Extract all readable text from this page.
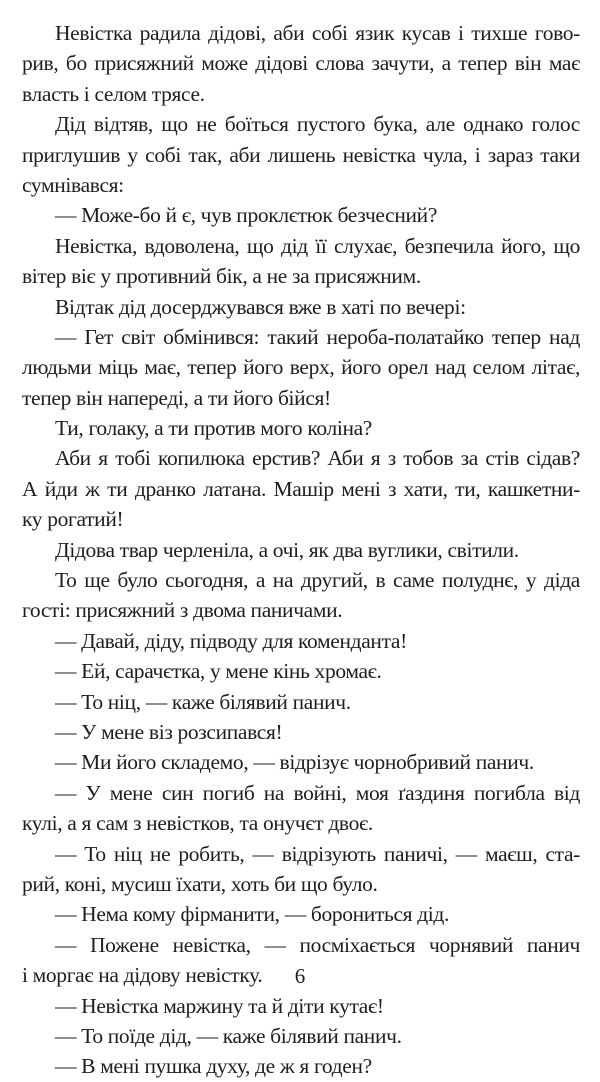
Невістка радила дідові, аби собі язик кусав і тихше гово-
рив, бо присяжний може дідові слова зачути, а тепер він має
власть і селом трясе.
Дід відтяв, що не боїться пустого бука, але однако голос
приглушив у собі так, аби лишень невістка чула, і зараз таки
сумнівався:
— Може-бо й є, чув проклєтюк безчесний?
Невістка, вдоволена, що дід її слухає, безпечила його, що
вітер віє у противний бік, а не за присяжним.
Відтак дід досерджувався вже в хаті по вечері:
— Гет світ обмінився: такий нероба-полатайко тепер над
людьми міць має, тепер його верх, його орел над селом літає,
тепер він напереді, а ти його бійся!
Ти, голаку, а ти против мого коліна?
Аби я тобі копилюка ерстив? Аби я з тобов за стів сідав?
А йди ж ти дранко латана. Машір мені з хати, ти, кашкетни-
ку рогатий!
Дідова твар черленіла, а очі, як два вуглики, світили.
То ще було сьогодня, а на другий, в саме полуднє, у діда
гості: присяжний з двома паничами.
— Давай, діду, підводу для коменданта!
— Ей, сарачєтка, у мене кінь хромає.
— То ніц, — каже білявий панич.
— У мене віз розсипався!
— Ми його складемо, — відрізує чорнобривий панич.
— У мене син погиб на войні, моя ґаздиня погибла від
кулі, а я сам з невістков, та онучєт двоє.
— То ніц не робить, — відрізують паничі, — маєш, ста-
рий, коні, мусиш їхати, хоть би що було.
— Нема кому фірманити, — борониться дід.
— Пожене невістка, — посміхається чорнявий панич
і моргає на дідову невістку.
— Невістка маржину та й діти кутає!
— То поїде дід, — каже білявий панич.
— В мені пушка духу, де ж я годен?
6
